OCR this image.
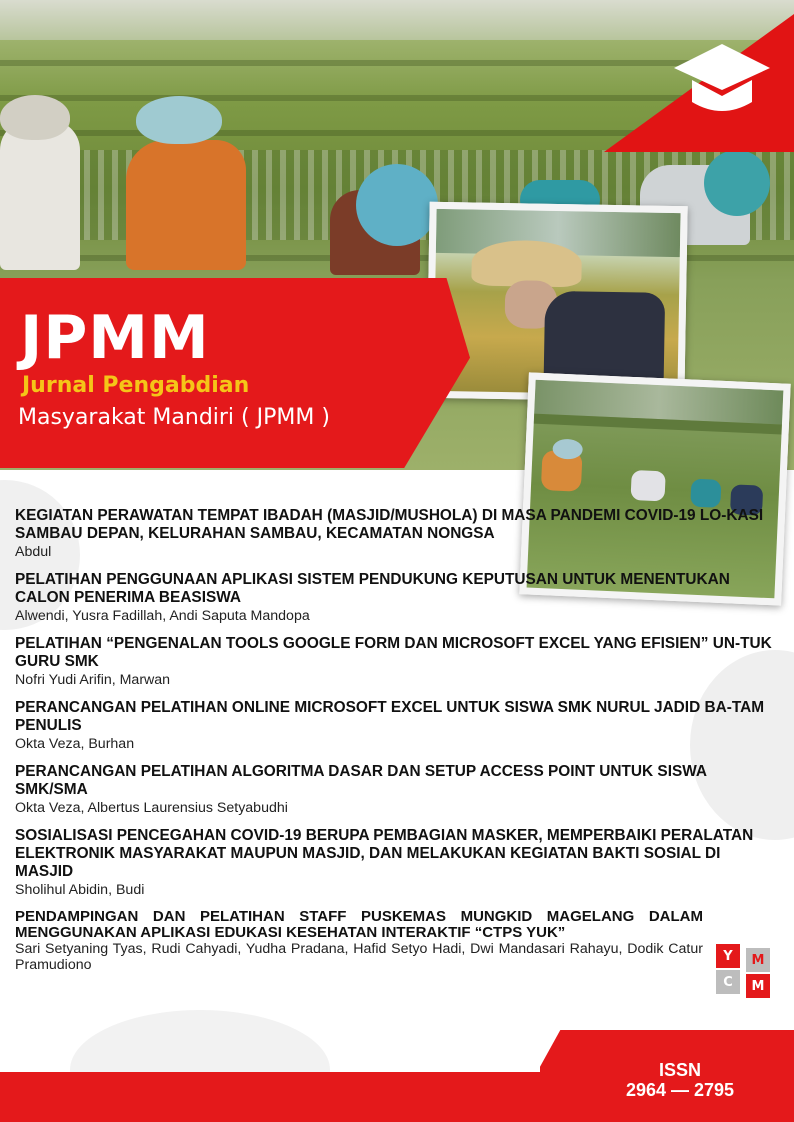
JPMM
Jurnal Pengabdian
Masyarakat Mandiri ( JPMM )
KEGIATAN PERAWATAN TEMPAT IBADAH (MASJID/MUSHOLA) DI MASA PANDEMI COVID-19 LO-KASI SAMBAU DEPAN, KELURAHAN SAMBAU, KECAMATAN NONGSA
Abdul
PELATIHAN PENGGUNAAN APLIKASI SISTEM PENDUKUNG KEPUTUSAN UNTUK MENENTUKAN CALON PENERIMA BEASISWA
Alwendi, Yusra Fadillah, Andi Saputa Mandopa
PELATIHAN “PENGENALAN TOOLS GOOGLE FORM DAN MICROSOFT EXCEL YANG EFISIEN” UN-TUK GURU SMK
Nofri Yudi Arifin, Marwan
PERANCANGAN PELATIHAN ONLINE MICROSOFT EXCEL UNTUK SISWA SMK NURUL JADID BA-TAM PENULIS
Okta Veza, Burhan
PERANCANGAN PELATIHAN ALGORITMA DASAR DAN SETUP ACCESS POINT UNTUK SISWA SMK/SMA
Okta Veza, Albertus Laurensius Setyabudhi
SOSIALISASI PENCEGAHAN COVID-19 BERUPA PEMBAGIAN MASKER, MEMPERBAIKI PERALATAN ELEKTRONIK MASYARAKAT MAUPUN MASJID, DAN MELAKUKAN KEGIATAN BAKTI SOSIAL DI MASJID
Sholihul Abidin, Budi
PENDAMPINGAN DAN PELATIHAN STAFF PUSKEMAS MUNGKID MAGELANG DALAM MENGGUNAKAN APLIKASI EDUKASI KESEHATAN INTERAKTIF “CTPS YUK”
Sari Setyaning Tyas, Rudi Cahyadi, Yudha Pradana, Hafid Setyo Hadi, Dwi Mandasari Rahayu, Dodik Catur Pramudiono
Y	M
C	M
ISSN
2964 — 2795
